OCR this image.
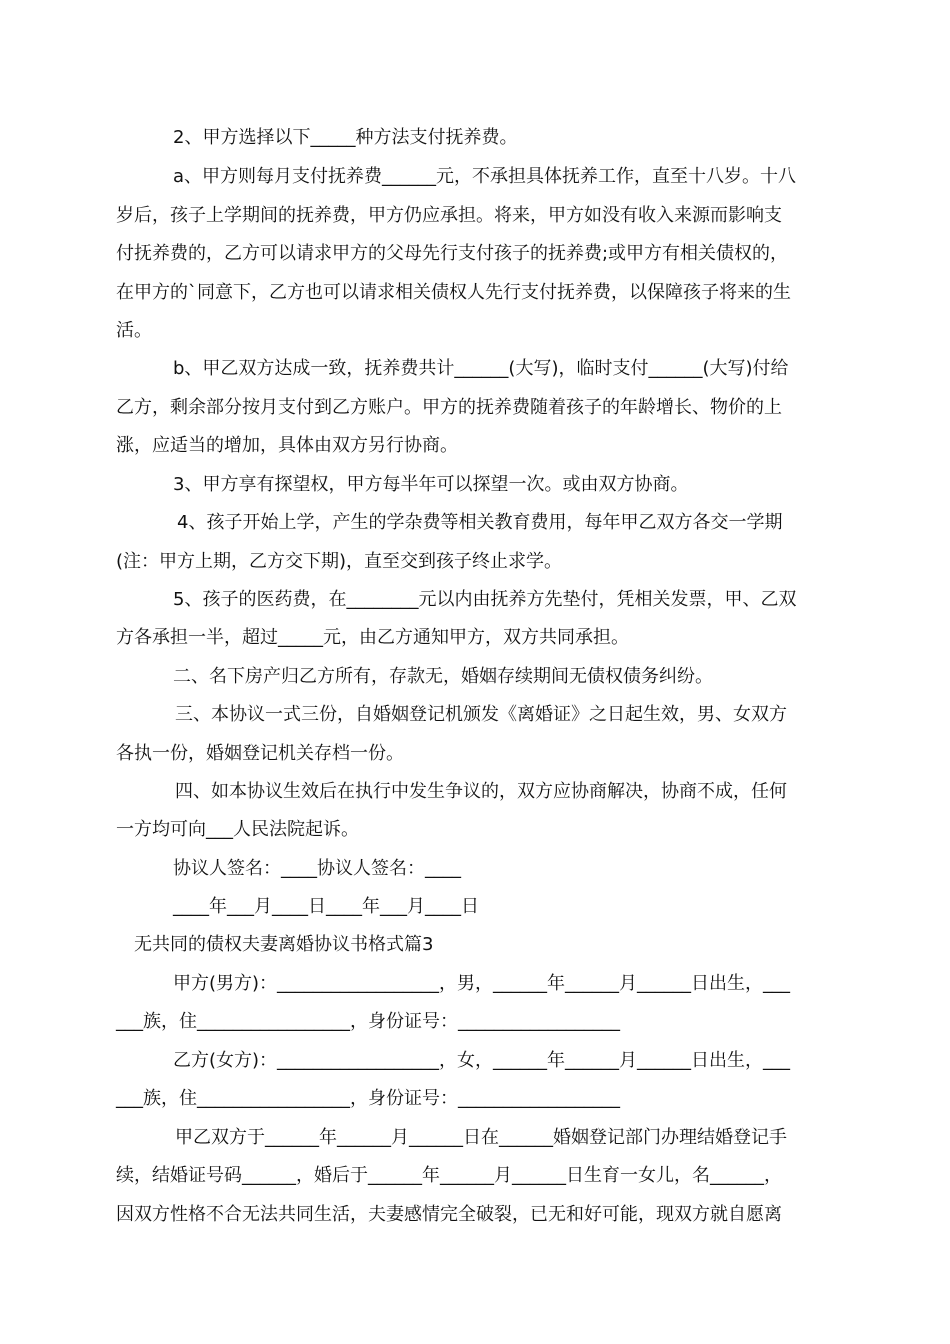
2、甲方选择以下_____种方法支付抚养费。
a、甲方则每月支付抚养费______元，不承担具体抚养工作，直至十八岁。十八
岁后，孩子上学期间的抚养费，甲方仍应承担。将来，甲方如没有收入来源而影响支
付抚养费的，乙方可以请求甲方的父母先行支付孩子的抚养费;或甲方有相关债权的，
在甲方的`同意下，乙方也可以请求相关债权人先行支付抚养费，以保障孩子将来的生
活。
b、甲乙双方达成一致，抚养费共计______(大写)，临时支付______(大写)付给
乙方，剩余部分按月支付到乙方账户。甲方的抚养费随着孩子的年龄增长、物价的上
涨，应适当的增加，具体由双方另行协商。
3、甲方享有探望权，甲方每半年可以探望一次。或由双方协商。
4、孩子开始上学，产生的学杂费等相关教育费用，每年甲乙双方各交一学期
(注：甲方上期，乙方交下期)，直至交到孩子终止求学。
5、孩子的医药费，在________元以内由抚养方先垫付，凭相关发票，甲、乙双
方各承担一半，超过_____元，由乙方通知甲方，双方共同承担。
二、名下房产归乙方所有，存款无，婚姻存续期间无债权债务纠纷。
三、本协议一式三份，自婚姻登记机颁发《离婚证》之日起生效，男、女双方
各执一份，婚姻登记机关存档一份。
四、如本协议生效后在执行中发生争议的，双方应协商解决，协商不成，任何
一方均可向___人民法院起诉。
协议人签名：____协议人签名：____
____年___月____日____年___月____日
无共同的债权夫妻离婚协议书格式篇3
甲方(男方)：__________________，男，______年______月______日出生，___
___族，住_________________，身份证号：__________________
乙方(女方)：__________________，女，______年______月______日出生，___
___族，住_________________，身份证号：__________________
甲乙双方于______年______月______日在______婚姻登记部门办理结婚登记手
续，结婚证号码______，婚后于______年______月______日生育一女儿，名______，
因双方性格不合无法共同生活，夫妻感情完全破裂，已无和好可能，现双方就自愿离
